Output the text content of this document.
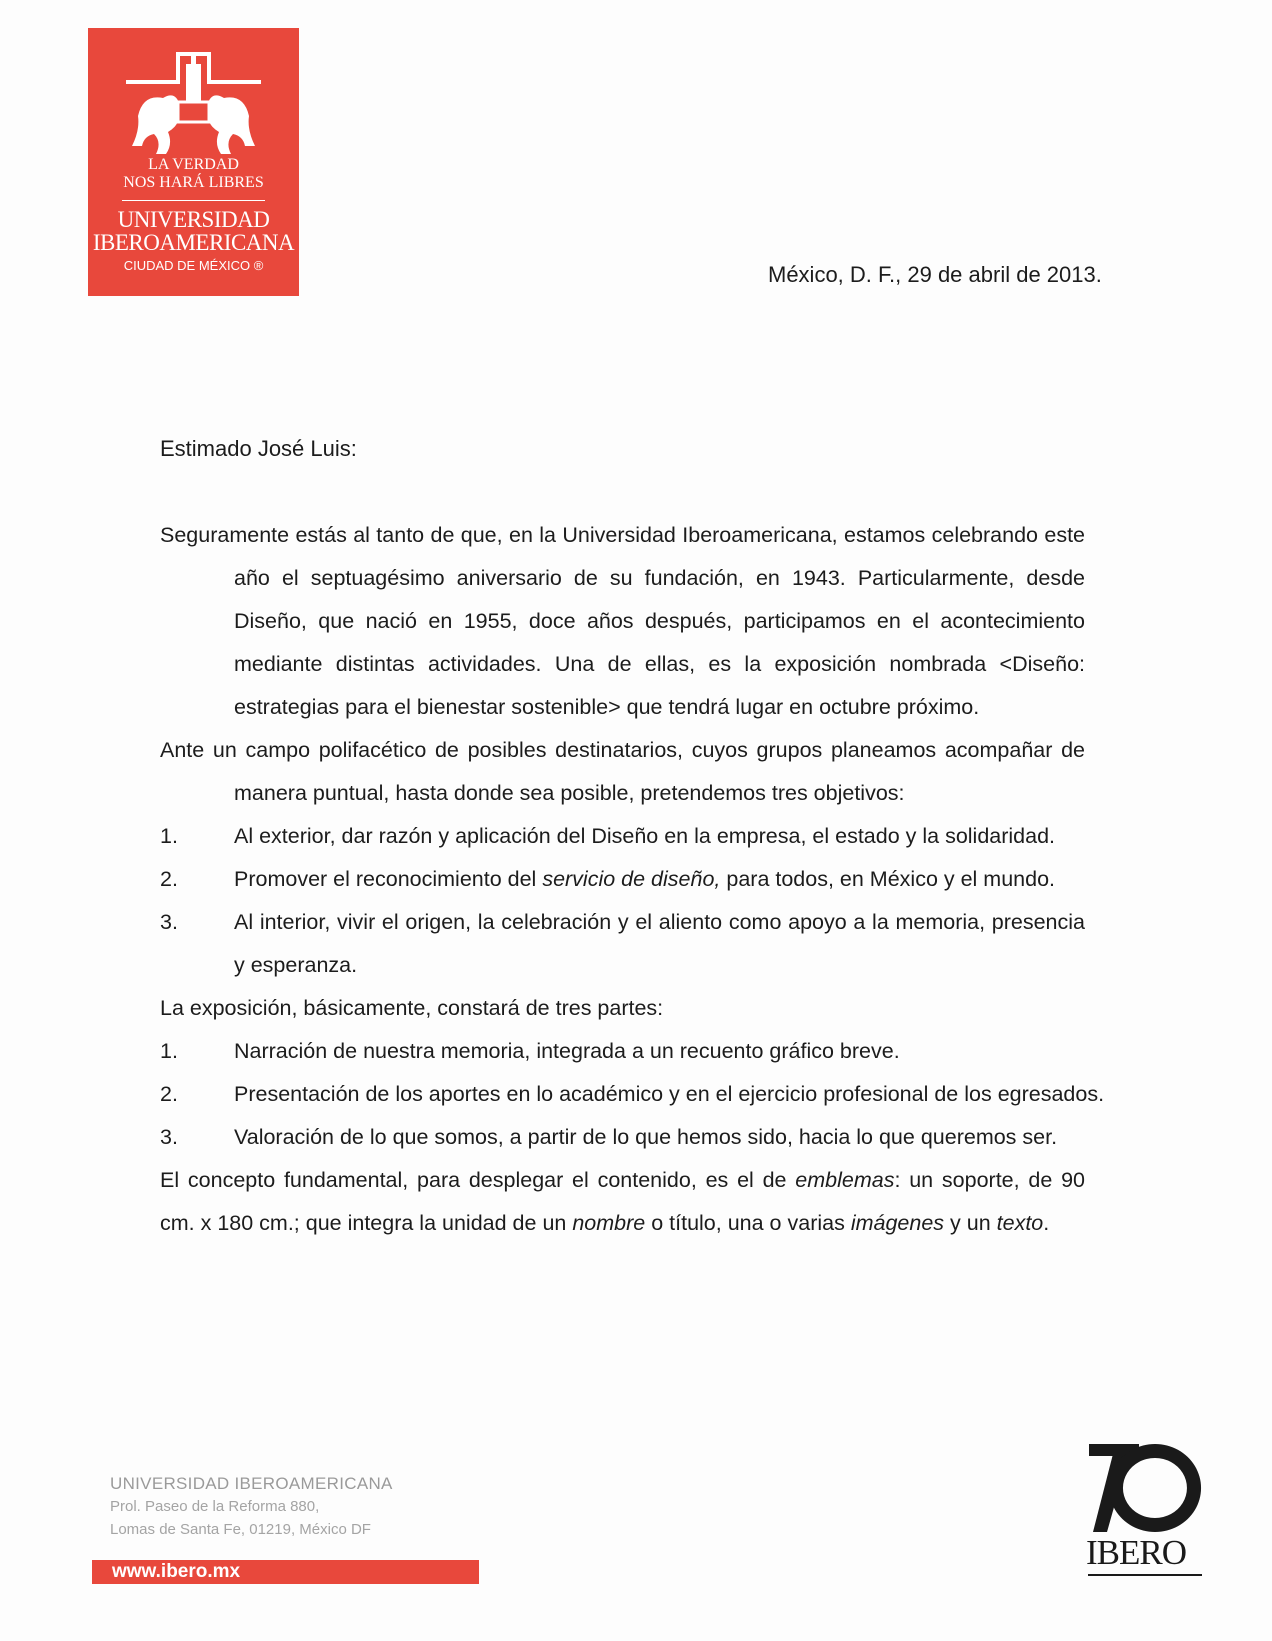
LA VERDAD
NOS HARÁ LIBRES
UNIVERSIDAD
IBEROAMERICANA
CIUDAD DE MÉXICO ®	México, D. F., 29 de abril de 2013.
Estimado José Luis:

Seguramente estás al tanto de que, en la Universidad Iberoamericana, estamos celebrando este año el septuagésimo aniversario de su fundación, en 1943. Particularmente, desde Diseño, que nació en 1955, doce años después, participamos en el acontecimiento mediante distintas actividades. Una de ellas, es la exposición nombrada <Diseño: estrategias para el bienestar sostenible> que tendrá lugar en octubre próximo.

Ante un campo polifacético de posibles destinatarios, cuyos grupos planeamos acompañar de manera puntual, hasta donde sea posible, pretendemos tres objetivos:

1.	Al exterior, dar razón y aplicación del Diseño en la empresa, el estado y la solidaridad.
2.	Promover el reconocimiento del servicio de diseño, para todos, en México y el mundo.
3.	Al interior, vivir el origen, la celebración y el aliento como apoyo a la memoria, presencia y esperanza.

La exposición, básicamente, constará de tres partes:

1.	Narración de nuestra memoria, integrada a un recuento gráfico breve.
2.	Presentación de los aportes en lo académico y en el ejercicio profesional de los egresados.
3.	Valoración de lo que somos, a partir de lo que hemos sido, hacia lo que queremos ser.

El concepto fundamental, para desplegar el contenido, es el de emblemas: un soporte, de 90 cm. x 180 cm.; que integra la unidad de un nombre o título, una o varias imágenes y un texto.

UNIVERSIDAD IBEROAMERICANA
Prol. Paseo de la Reforma 880,
Lomas de Santa Fe, 01219, México DF
www.ibero.mx	IBERO
